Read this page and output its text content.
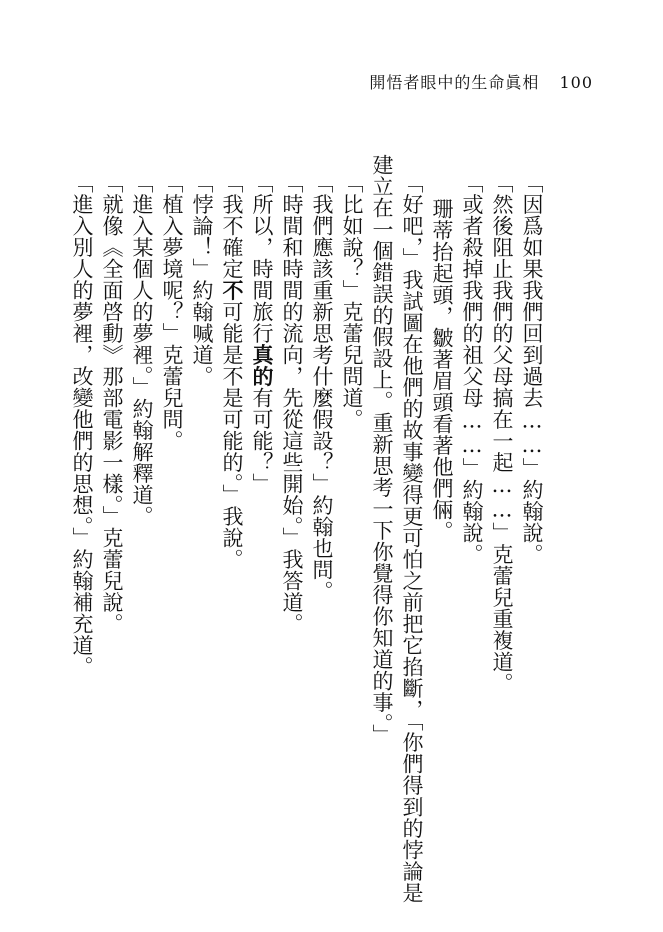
開悟者眼中的生命眞相 100
「因爲如果我們回到過去……」約翰說。
「然後阻止我們的父母搞在一起……」克蕾兒重複道。
「或者殺掉我們的祖父母……」約翰說。
珊蒂抬起頭，皺著眉頭看著他們倆。
「好吧，」我試圖在他們的故事變得更可怕之前把它掐斷，「你們得到的悖論是
建立在一個錯誤的假設上。重新思考一下你覺得你知道的事。」
「比如說？」克蕾兒問道。
「我們應該重新思考什麼假設？」約翰也問。
「時間和時間的流向，先從這些開始。」我答道。
「所以，時間旅行真的有可能？」
「我不確定不可能是不是可能的。」我說。
「悖論！」約翰喊道。
「植入夢境呢？」克蕾兒問。
「進入某個人的夢裡。」約翰解釋道。
「就像《全面啓動》那部電影一樣。」克蕾兒說。
「進入別人的夢裡，改變他們的思想。」約翰補充道。
